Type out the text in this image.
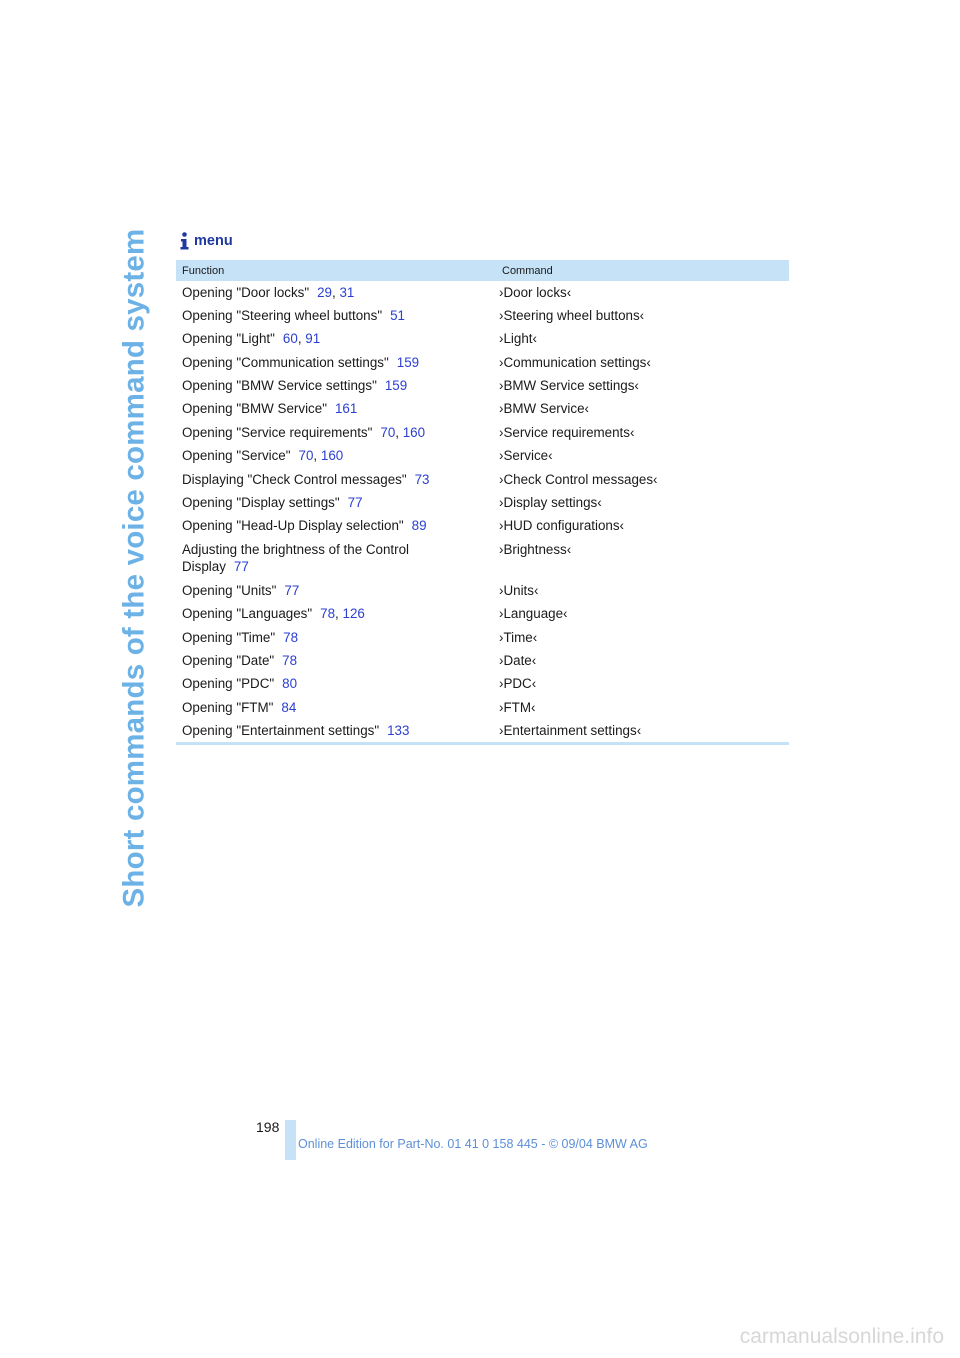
Short commands of the voice command system	menu
Function	Command
Opening "Door locks" 29, 31	›Door locks‹
Opening "Steering wheel buttons" 51	›Steering wheel buttons‹
Opening "Light" 60, 91	›Light‹
Opening "Communication settings" 159	›Communication settings‹
Opening "BMW Service settings" 159	›BMW Service settings‹
Opening "BMW Service" 161	›BMW Service‹
Opening "Service requirements" 70, 160	›Service requirements‹
Opening "Service" 70, 160	›Service‹
Displaying "Check Control messages" 73	›Check Control messages‹
Opening "Display settings" 77	›Display settings‹
Opening "Head-Up Display selection" 89	›HUD configurations‹
Adjusting the brightness of the Control
Display 77	›Brightness‹
Opening "Units" 77	›Units‹
Opening "Languages" 78, 126	›Language‹
Opening "Time" 78	›Time‹
Opening "Date" 78	›Date‹
Opening "PDC" 80	›PDC‹
Opening "FTM" 84	›FTM‹
Opening "Entertainment settings" 133	›Entertainment settings‹
198
Online Edition for Part-No. 01 41 0 158 445 - © 09/04 BMW AG
carmanualsonline.info
